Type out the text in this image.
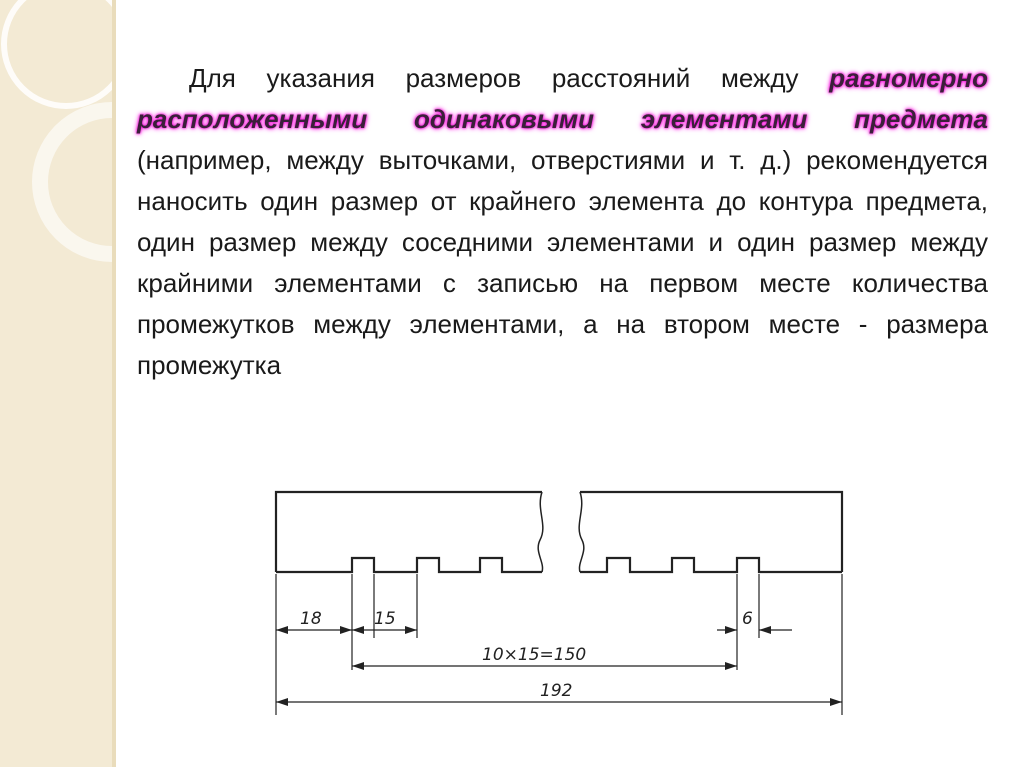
Для указания размеров расстояний между равномерно расположенными одинаковыми элементами предмета (например, между выточками, отверстиями и т. д.) рекомендуется наносить один размер от крайнего элемента до контура предмета, один размер между соседними элементами и один размер между крайними элементами с записью на первом месте количества промежутков между элементами, а на втором месте - размера промежутка

18	15	6
10×15=150
192
